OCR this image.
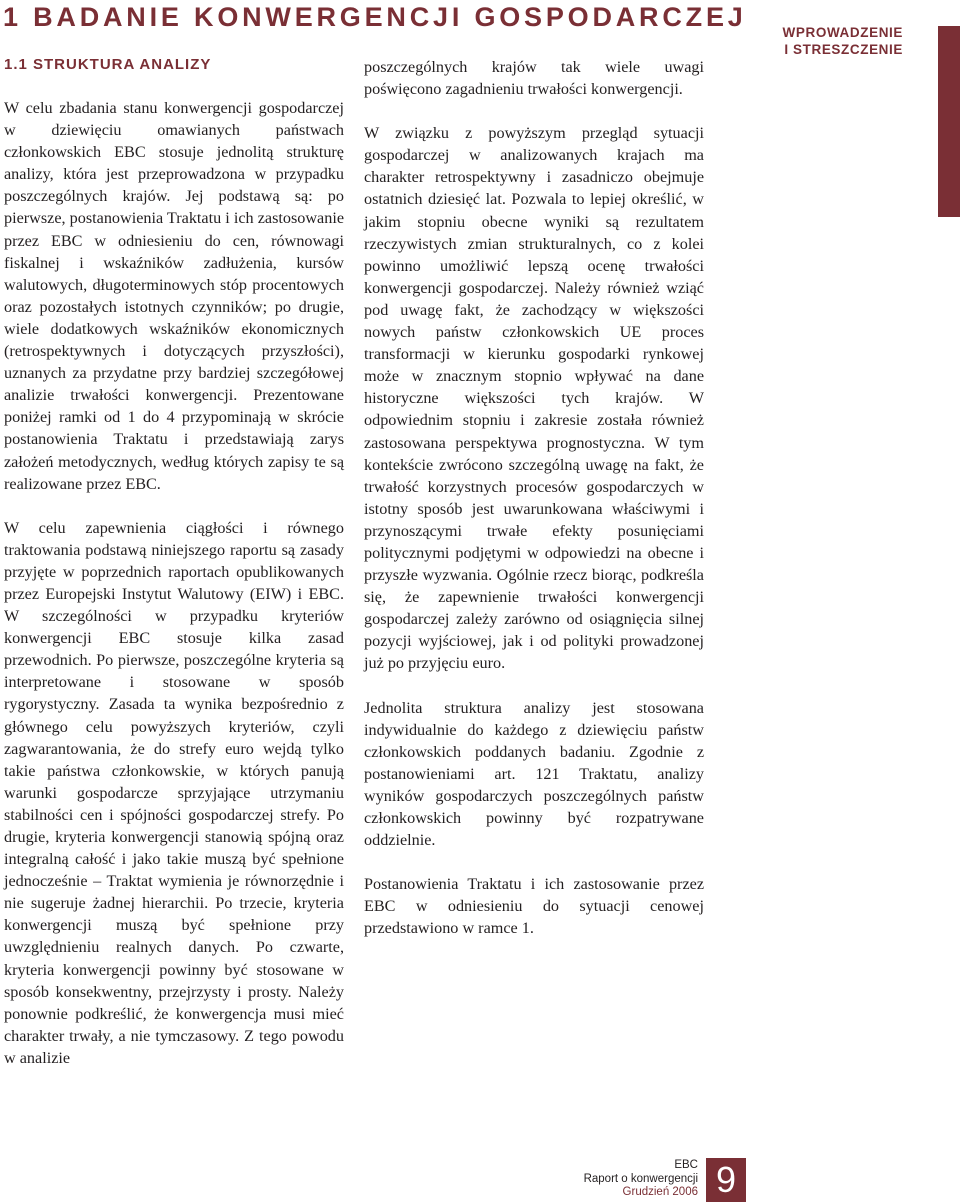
1 BADANIE KONWERGENCJI GOSPODARCZEJ
1.1 STRUKTURA ANALIZY

W celu zbadania stanu konwergencji gospodarczej w dziewięciu omawianych państwach członkowskich EBC stosuje jednolitą strukturę analizy, która jest przeprowadzona w przypadku poszczególnych krajów. Jej podstawą są: po pierwsze, postanowienia Traktatu i ich zastosowanie przez EBC w odniesieniu do cen, równowagi fiskalnej i wskaźników zadłużenia, kursów walutowych, długoterminowych stóp procentowych oraz pozostałych istotnych czynników; po drugie, wiele dodatkowych wskaźników ekonomicznych (retrospektywnych i dotyczących przyszłości), uznanych za przydatne przy bardziej szczegółowej analizie trwałości konwergencji. Prezentowane poniżej ramki od 1 do 4 przypominają w skrócie postanowienia Traktatu i przedstawiają zarys założeń metodycznych, według których zapisy te są realizowane przez EBC.

W celu zapewnienia ciągłości i równego traktowania podstawą niniejszego raportu są zasady przyjęte w poprzednich raportach opublikowanych przez Europejski Instytut Walutowy (EIW) i EBC. W szczególności w przypadku kryteriów konwergencji EBC stosuje kilka zasad przewodnich. Po pierwsze, poszczególne kryteria są interpretowane i stosowane w sposób rygorystyczny. Zasada ta wynika bezpośrednio z głównego celu powyższych kryteriów, czyli zagwarantowania, że do strefy euro wejdą tylko takie państwa członkowskie, w których panują warunki gospodarcze sprzyjające utrzymaniu stabilności cen i spójności gospodarczej strefy. Po drugie, kryteria konwergencji stanowią spójną oraz integralną całość i jako takie muszą być spełnione jednocześnie – Traktat wymienia je równorzędnie i nie sugeruje żadnej hierarchii. Po trzecie, kryteria konwergencji muszą być spełnione przy uwzględnieniu realnych danych. Po czwarte, kryteria konwergencji powinny być stosowane w sposób konsekwentny, przejrzysty i prosty. Należy ponownie podkreślić, że konwergencja musi mieć charakter trwały, a nie tymczasowy. Z tego powodu w analizie

poszczególnych krajów tak wiele uwagi poświęcono zagadnieniu trwałości konwergencji.

W związku z powyższym przegląd sytuacji gospodarczej w analizowanych krajach ma charakter retrospektywny i zasadniczo obejmuje ostatnich dziesięć lat. Pozwala to lepiej określić, w jakim stopniu obecne wyniki są rezultatem rzeczywistych zmian strukturalnych, co z kolei powinno umożliwić lepszą ocenę trwałości konwergencji gospodarczej. Należy również wziąć pod uwagę fakt, że zachodzący w większości nowych państw członkowskich UE proces transformacji w kierunku gospodarki rynkowej może w znacznym stopnio wpływać na dane historyczne większości tych krajów. W odpowiednim stopniu i zakresie została również zastosowana perspektywa prognostyczna. W tym kontekście zwrócono szczególną uwagę na fakt, że trwałość korzystnych procesów gospodarczych w istotny sposób jest uwarunkowana właściwymi i przynoszącymi trwałe efekty posunięciami politycznymi podjętymi w odpowiedzi na obecne i przyszłe wyzwania. Ogólnie rzecz biorąc, podkreśla się, że zapewnienie trwałości konwergencji gospodarczej zależy zarówno od osiągnięcia silnej pozycji wyjściowej, jak i od polityki prowadzonej już po przyjęciu euro.

Jednolita struktura analizy jest stosowana indywidualnie do każdego z dziewięciu państw członkowskich poddanych badaniu. Zgodnie z postanowieniami art. 121 Traktatu, analizy wyników gospodarczych poszczególnych państw członkowskich powinny być rozpatrywane oddzielnie.

Postanowienia Traktatu i ich zastosowanie przez EBC w odniesieniu do sytuacji cenowej przedstawiono w ramce 1.

WPROWADZENIE
I STRESZCZENIE
EBC
Raport o konwergencji
Grudzień 2006 9
